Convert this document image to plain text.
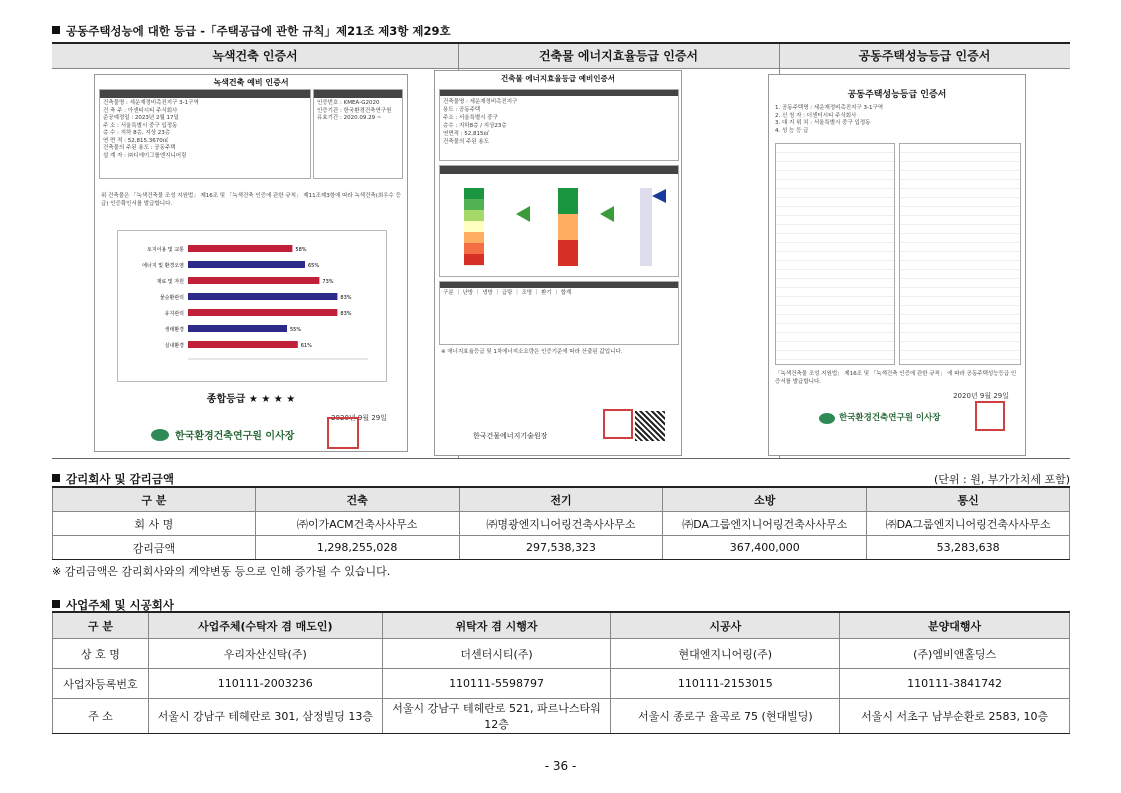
공동주택성능에 대한 등급 -「주택공급에 관한 규칙」제21조 제3항 제29호
녹색건축 인증서	건축물 에너지효율등급 인증서	공동주택성능등급 인증서
녹색건축 예비 인증서
건축물명 : 세운재정비촉진지구 3-1구역
건 축 주 : 아센티시티 주식회사
준공예정일 : 2023년 2월 17일
주 소 : 서울특별시 중구 입정동
층 수 : 지하 8층, 지상 23층
연 면 적 : 52,815.3670㎡
건축물의 주된 용도 : 공동주택
설 계 자 : ㈜디에이그룹엔지니어링
인증번호 : KMEA-G2020
인증기관 : 한국환경건축연구원
유효기간 : 2020.09.29 ~
위 건축물은 「녹색건축물 조성 지원법」 제16조 및 「녹색건축 인증에 관한 규칙」 제11조제3항에 따라 녹색건축(최우수 등급) 인증확인서를 발급합니다.
토지이용 및 교통	58%
에너지 및 환경오염	65%
재료 및 자원	73%
물순환관리	83%
유지관리	83%
생태환경	55%
실내환경	61%
종합등급 ★ ★ ★ ★
2020년 9월 29일
한국환경건축연구원 이사장
건축물 에너지효율등급 예비인증서
건축물명 : 세운재정비촉진지구
용도 : 공동주택
주소 : 서울특별시 중구
층수 : 지하8층 / 지상23층
연면적 : 52,815㎡
건축물의 주된 용도
구분 ｜ 난방 ｜ 냉방 ｜ 급탕 ｜ 조명 ｜ 환기 ｜ 합계
※ 에너지효율등급 및 1차에너지소요량은 인증기준에 따라 산출된 값입니다.
한국건물에너지기술원장
공동주택성능등급 인증서
1. 공동주택명 : 세운재정비촉진지구 3-1구역
2. 신 청 자 : 더센터시티 주식회사
3. 대 지 위 치 : 서울특별시 중구 입정동
4. 성 능 등 급
「녹색건축물 조성 지원법」 제16조 및 「녹색건축 인증에 관한 규칙」 에 따라 공동주택성능등급 인증서를 발급합니다.
2020년 9월 29일
한국환경건축연구원 이사장
감리회사 및 감리금액	(단위 : 원, 부가가치세 포함)
구 분	건축	전기	소방	통신
회 사 명	㈜이가ACM건축사사무소	㈜명광엔지니어링건축사사무소	㈜DA그룹엔지니어링건축사사무소	㈜DA그룹엔지니어링건축사사무소
감리금액	1,298,255,028	297,538,323	367,400,000	53,283,638
※ 감리금액은 감리회사와의 계약변동 등으로 인해 증가될 수 있습니다.
사업주체 및 시공회사
구 분	사업주체(수탁자 겸 매도인)	위탁자 겸 시행자	시공사	분양대행사
상 호 명	우리자산신탁(주)	더센터시티(주)	현대엔지니어링(주)	(주)엠비앤홀딩스
사업자등록번호	110111-2003236	110111-5598797	110111-2153015	110111-3841742
주 소	서울시 강남구 테헤란로 301, 삼정빌딩 13층	서울시 강남구 테헤란로 521, 파르나스타워 12층	서울시 종로구 율곡로 75 (현대빌딩)	서울시 서초구 남부순환로 2583, 10층
- 36 -
